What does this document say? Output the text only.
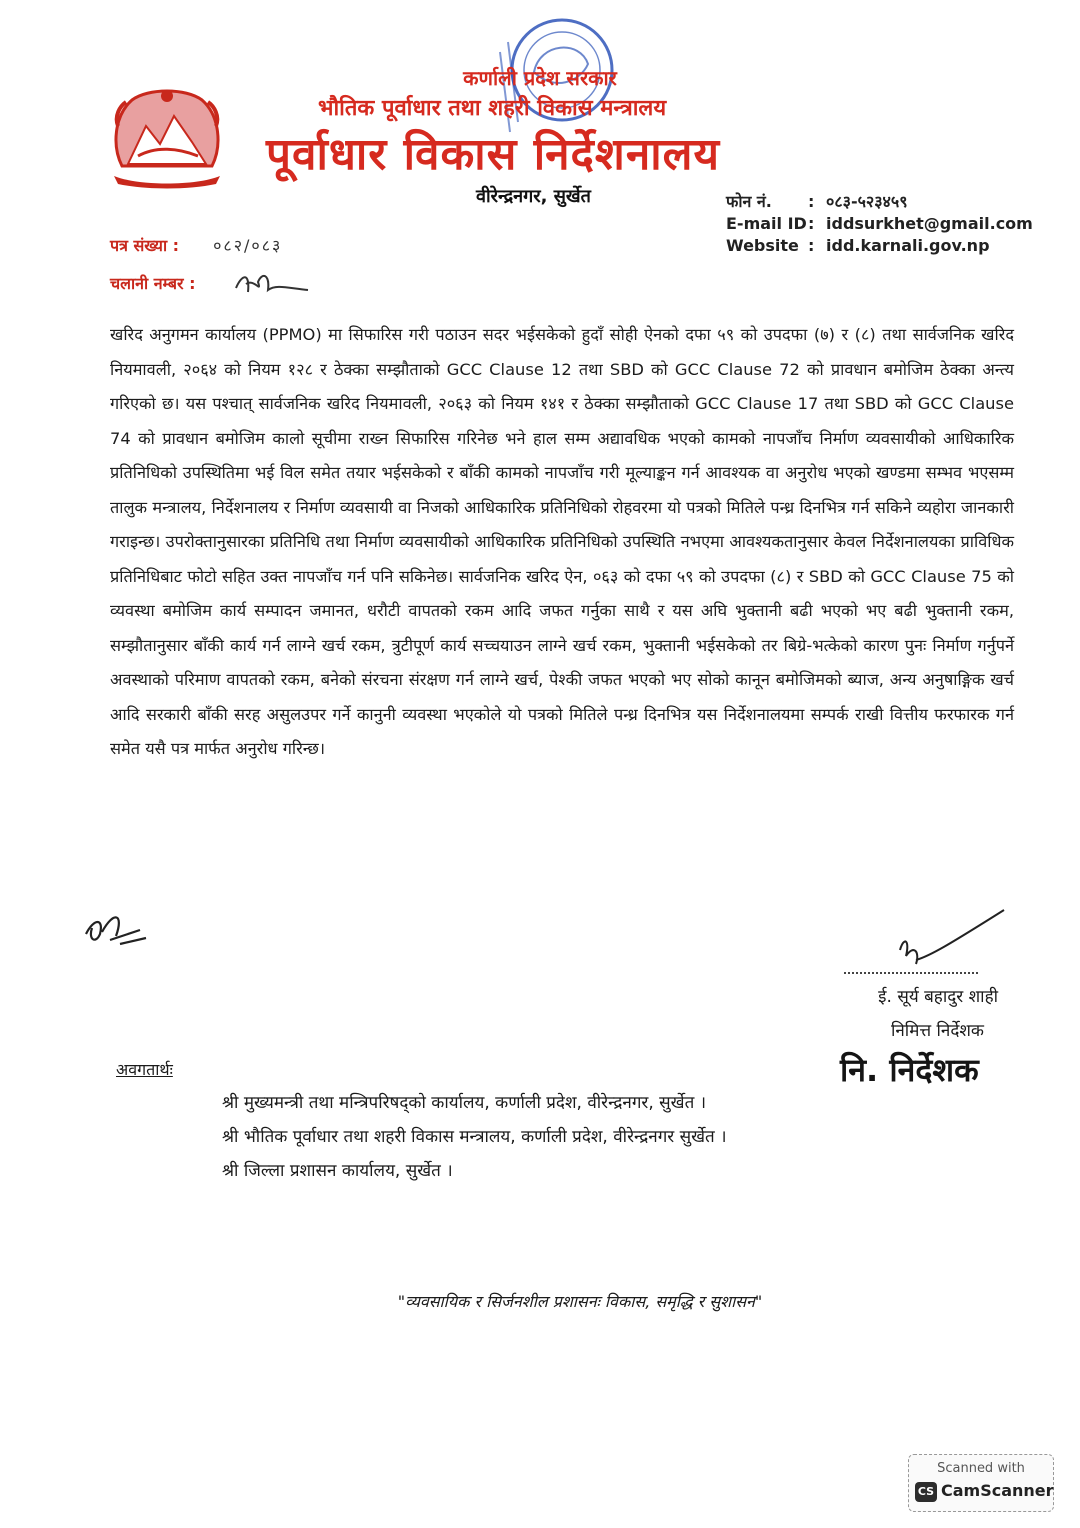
कर्णाली प्रदेश सरकार
भौतिक पूर्वाधार तथा शहरी विकास मन्त्रालय
पूर्वाधार विकास निर्देशनालय
वीरेन्द्रनगर, सुर्खेत	फोन नं. : ०८३-५२३४५९
E-mail ID: iddsurkhet@gmail.com
Website : idd.karnali.gov.np
पत्र संख्या : ०८२/०८३
चलानी नम्बर :
खरिद अनुगमन कार्यालय (PPMO) मा सिफारिस गरी पठाउन सदर भईसकेको हुदाँ सोही ऐनको दफा ५९ को उपदफा (७) र (८) तथा सार्वजनिक खरिद नियमावली, २०६४ को नियम १२८ र ठेक्का सम्झौताको GCC Clause 12 तथा SBD को GCC Clause 72 को प्रावधान बमोजिम ठेक्का अन्त्य गरिएको छ। यस पश्चात् सार्वजनिक खरिद नियमावली, २०६३ को नियम १४१ र ठेक्का सम्झौताको GCC Clause 17 तथा SBD को GCC Clause 74 को प्रावधान बमोजिम कालो सूचीमा राख्न सिफारिस गरिनेछ भने हाल सम्म अद्यावधिक भएको कामको नापजाँच निर्माण व्यवसायीको आधिकारिक प्रतिनिधिको उपस्थितिमा भई विल समेत तयार भईसकेको र बाँकी कामको नापजाँच गरी मूल्याङ्कन गर्न आवश्यक वा अनुरोध भएको खण्डमा सम्भव भएसम्म तालुक मन्त्रालय, निर्देशनालय र निर्माण व्यवसायी वा निजको आधिकारिक प्रतिनिधिको रोहवरमा यो पत्रको मितिले पन्ध्र दिनभित्र गर्न सकिने व्यहोरा जानकारी गराइन्छ। उपरोक्तानुसारका प्रतिनिधि तथा निर्माण व्यवसायीको आधिकारिक प्रतिनिधिको उपस्थिति नभएमा आवश्यकतानुसार केवल निर्देशनालयका प्राविधिक प्रतिनिधिबाट फोटो सहित उक्त नापजाँच गर्न पनि सकिनेछ। सार्वजनिक खरिद ऐन, ०६३ को दफा ५९ को उपदफा (८) र SBD को GCC Clause 75 को व्यवस्था बमोजिम कार्य सम्पादन जमानत, धरौटी वापतको रकम आदि जफत गर्नुका साथै र यस अघि भुक्तानी बढी भएको भए बढी भुक्तानी रकम, सम्झौतानुसार बाँकी कार्य गर्न लाग्ने खर्च रकम, त्रुटीपूर्ण कार्य सच्चयाउन लाग्ने खर्च रकम, भुक्तानी भईसकेको तर बिग्रे-भत्केको कारण पुनः निर्माण गर्नुपर्ने अवस्थाको परिमाण वापतको रकम, बनेको संरचना संरक्षण गर्न लाग्ने खर्च, पेश्की जफत भएको भए सोको कानून बमोजिमको ब्याज, अन्य अनुषाङ्गिक खर्च आदि सरकारी बाँकी सरह असुलउपर गर्ने कानुनी व्यवस्था भएकोले यो पत्रको मितिले पन्ध्र दिनभित्र यस निर्देशनालयमा सम्पर्क राखी वित्तीय फरफारक गर्न समेत यसै पत्र मार्फत अनुरोध गरिन्छ।
ई. सूर्य बहादुर शाही
निमित्त निर्देशक
नि. निर्देशक
अवगतार्थः
श्री मुख्यमन्त्री तथा मन्त्रिपरिषद्को कार्यालय, कर्णाली प्रदेश, वीरेन्द्रनगर, सुर्खेत ।
श्री भौतिक पूर्वाधार तथा शहरी विकास मन्त्रालय, कर्णाली प्रदेश, वीरेन्द्रनगर सुर्खेत ।
श्री जिल्ला प्रशासन कार्यालय, सुर्खेत ।
"व्यवसायिक र सिर्जनशील प्रशासनः विकास, समृद्धि र सुशासन"
Scanned with
CS CamScanner
